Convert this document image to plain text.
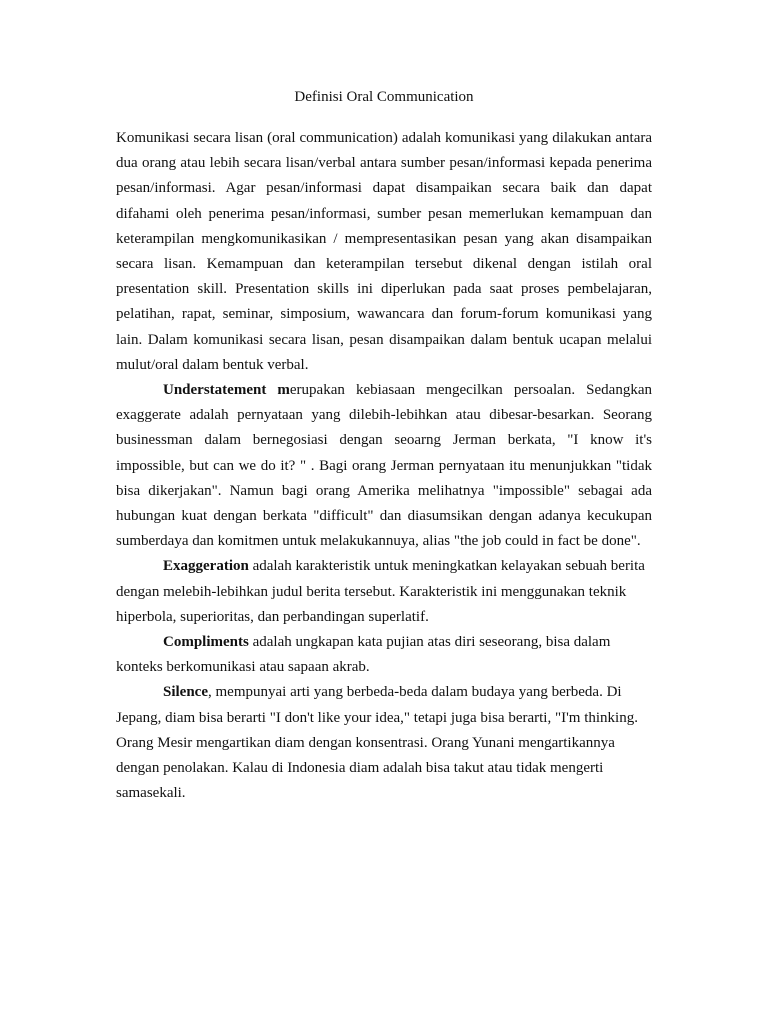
Definisi Oral Communication

Komunikasi secara lisan (oral communication) adalah komunikasi yang dilakukan antara dua orang atau lebih secara lisan/verbal antara sumber pesan/informasi kepada penerima pesan/informasi. Agar pesan/informasi dapat disampaikan secara baik dan dapat difahami oleh penerima pesan/informasi, sumber pesan memerlukan kemampuan dan keterampilan mengkomunikasikan / mempresentasikan pesan yang akan disampaikan secara lisan. Kemampuan dan keterampilan tersebut dikenal dengan istilah oral presentation skill. Presentation skills ini diperlukan pada saat proses pembelajaran, pelatihan, rapat, seminar, simposium, wawancara dan forum-forum komunikasi yang lain. Dalam komunikasi secara lisan, pesan disampaikan dalam bentuk ucapan melalui mulut/oral dalam bentuk verbal.

Understatement merupakan kebiasaan mengecilkan persoalan. Sedangkan exaggerate adalah pernyataan yang dilebih-lebihkan atau dibesar-besarkan. Seorang businessman dalam bernegosiasi dengan seoarng Jerman berkata, "I know it's impossible, but can we do it? " . Bagi orang Jerman pernyataan itu menunjukkan "tidak bisa dikerjakan". Namun bagi orang Amerika melihatnya "impossible" sebagai ada hubungan kuat dengan berkata "difficult" dan diasumsikan dengan adanya kecukupan sumberdaya dan komitmen untuk melakukannuya, alias "the job could in fact be done".

Exaggeration adalah karakteristik untuk meningkatkan kelayakan sebuah berita dengan melebih-lebihkan judul berita tersebut. Karakteristik ini menggunakan teknik hiperbola, superioritas, dan perbandingan superlatif.

Compliments adalah ungkapan kata pujian atas diri seseorang, bisa dalam konteks berkomunikasi atau sapaan akrab.

Silence, mempunyai arti yang berbeda-beda dalam budaya yang berbeda. Di Jepang, diam bisa berarti "I don't like your idea," tetapi juga bisa berarti, "I'm thinking. Orang Mesir mengartikan diam dengan konsentrasi. Orang Yunani mengartikannya dengan penolakan. Kalau di Indonesia diam adalah bisa takut atau tidak mengerti samasekali.
